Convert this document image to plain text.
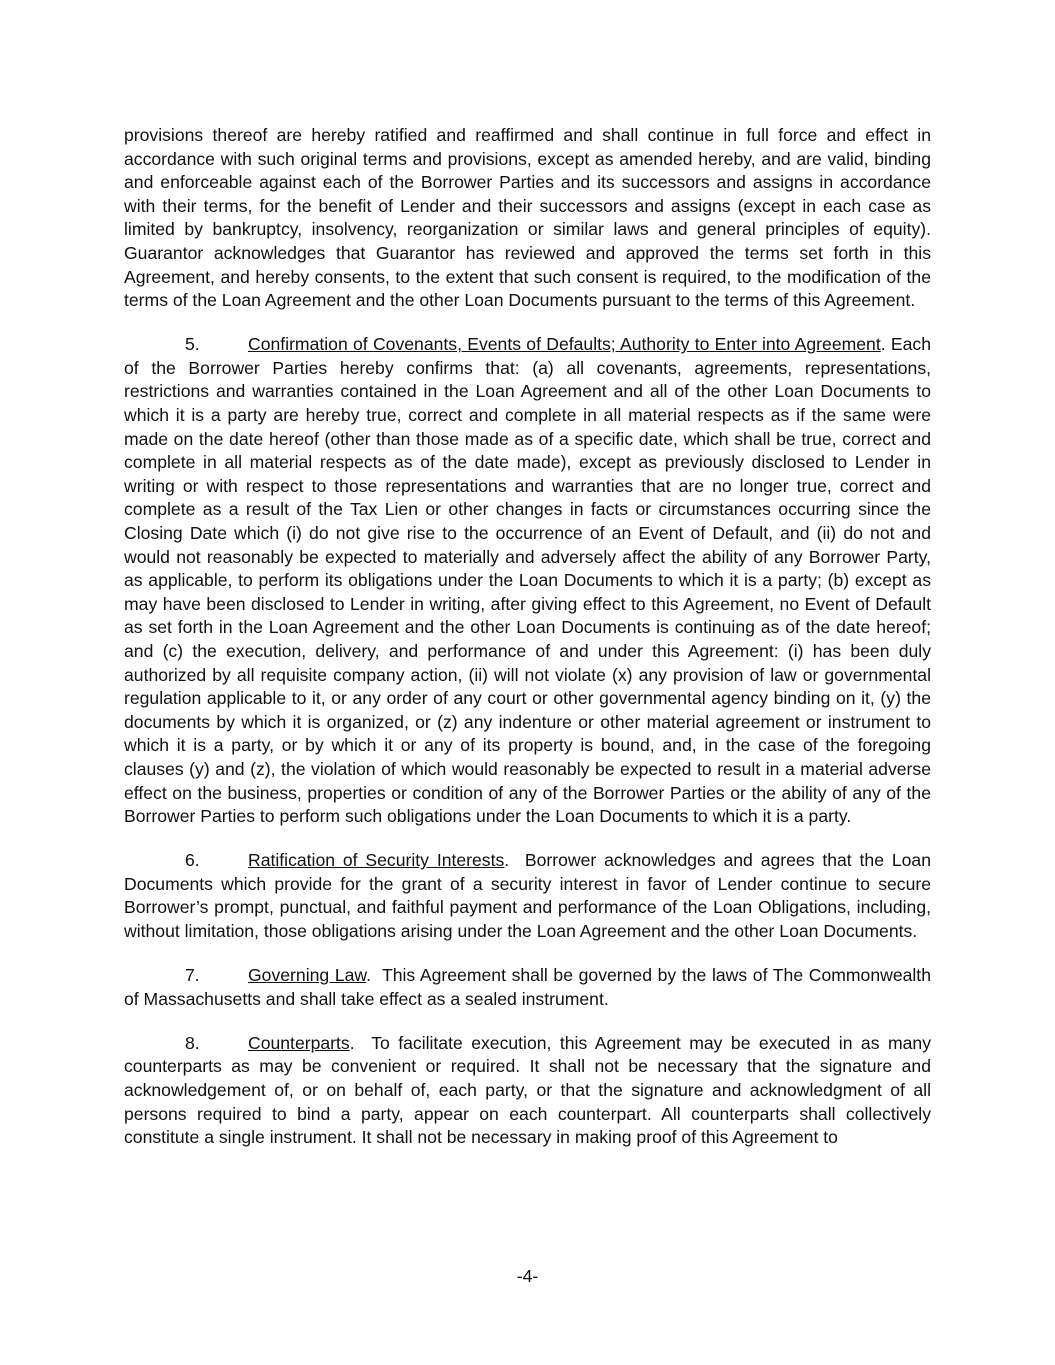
provisions thereof are hereby ratified and reaffirmed and shall continue in full force and effect in accordance with such original terms and provisions, except as amended hereby, and are valid, binding and enforceable against each of the Borrower Parties and its successors and assigns in accordance with their terms, for the benefit of Lender and their successors and assigns (except in each case as limited by bankruptcy, insolvency, reorganization or similar laws and general principles of equity). Guarantor acknowledges that Guarantor has reviewed and approved the terms set forth in this Agreement, and hereby consents, to the extent that such consent is required, to the modification of the terms of the Loan Agreement and the other Loan Documents pursuant to the terms of this Agreement.

5.	Confirmation of Covenants, Events of Defaults; Authority to Enter into Agreement. Each of the Borrower Parties hereby confirms that: (a) all covenants, agreements, representations, restrictions and warranties contained in the Loan Agreement and all of the other Loan Documents to which it is a party are hereby true, correct and complete in all material respects as if the same were made on the date hereof (other than those made as of a specific date, which shall be true, correct and complete in all material respects as of the date made), except as previously disclosed to Lender in writing or with respect to those representations and warranties that are no longer true, correct and complete as a result of the Tax Lien or other changes in facts or circumstances occurring since the Closing Date which (i) do not give rise to the occurrence of an Event of Default, and (ii) do not and would not reasonably be expected to materially and adversely affect the ability of any Borrower Party, as applicable, to perform its obligations under the Loan Documents to which it is a party; (b) except as may have been disclosed to Lender in writing, after giving effect to this Agreement, no Event of Default as set forth in the Loan Agreement and the other Loan Documents is continuing as of the date hereof; and (c) the execution, delivery, and performance of and under this Agreement: (i) has been duly authorized by all requisite company action, (ii) will not violate (x) any provision of law or governmental regulation applicable to it, or any order of any court or other governmental agency binding on it, (y) the documents by which it is organized, or (z) any indenture or other material agreement or instrument to which it is a party, or by which it or any of its property is bound, and, in the case of the foregoing clauses (y) and (z), the violation of which would reasonably be expected to result in a material adverse effect on the business, properties or condition of any of the Borrower Parties or the ability of any of the Borrower Parties to perform such obligations under the Loan Documents to which it is a party.

6.	Ratification of Security Interests.  Borrower acknowledges and agrees that the Loan Documents which provide for the grant of a security interest in favor of Lender continue to secure Borrower’s prompt, punctual, and faithful payment and performance of the Loan Obligations, including, without limitation, those obligations arising under the Loan Agreement and the other Loan Documents.

7.	Governing Law.  This Agreement shall be governed by the laws of The Commonwealth of Massachusetts and shall take effect as a sealed instrument.

8.	Counterparts.  To facilitate execution, this Agreement may be executed in as many counterparts as may be convenient or required. It shall not be necessary that the signature and acknowledgement of, or on behalf of, each party, or that the signature and acknowledgment of all persons required to bind a party, appear on each counterpart. All counterparts shall collectively constitute a single instrument. It shall not be necessary in making proof of this Agreement to

-4-
